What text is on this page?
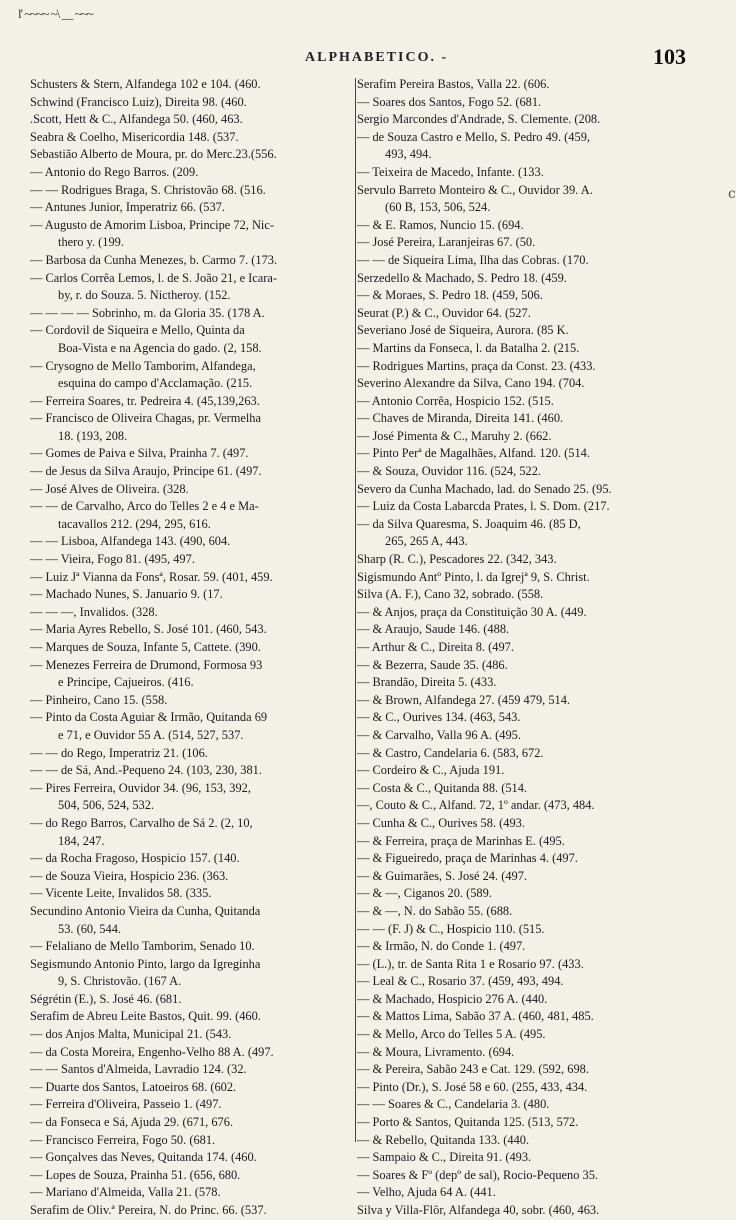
l' ~~~~ ~\ __ ~~~
ALPHABETICO. -	103
c
Schusters & Stern, Alfandega 102 e 104. (460.
Schwind (Francisco Luiz), Direita 98. (460.
.Scott, Hett & C., Alfandega 50. (460, 463.
Seabra & Coelho, Misericordia 148. (537.
Sebastião Alberto de Moura, pr. do Merc.23.(556.
— Antonio do Rego Barros. (209.
— — Rodrigues Braga, S. Christovão 68. (516.
— Antunes Junior, Imperatriz 66. (537.
— Augusto de Amorim Lisboa, Principe 72, Nic-
thero y. (199.
— Barbosa da Cunha Menezes, b. Carmo 7. (173.
— Carlos Corrêa Lemos, l. de S. João 21, e Icara-
by, r. do Souza. 5. Nictheroy. (152.
— — — — Sobrinho, m. da Gloria 35. (178 A.
— Cordovil de Siqueira e Mello, Quinta da
Boa-Vista e na Agencia do gado. (2, 158.
— Crysogno de Mello Tamborim, Alfandega,
esquina do campo d'Acclamação. (215.
— Ferreira Soares, tr. Pedreira 4. (45,139,263.
— Francisco de Oliveira Chagas, pr. Vermelha
18. (193, 208.
— Gomes de Paiva e Silva, Prainha 7. (497.
— de Jesus da Silva Araujo, Principe 61. (497.
— José Alves de Oliveira. (328.
— — de Carvalho, Arco do Telles 2 e 4 e Ma-
tacavallos 212. (294, 295, 616.
— — Lisboa, Alfandega 143. (490, 604.
— — Vieira, Fogo 81. (495, 497.
— Luiz Jª Vianna da Fonsª, Rosar. 59. (401, 459.
— Machado Nunes, S. Januario 9. (17.
— — —, Invalidos. (328.
— Maria Ayres Rebello, S. José 101. (460, 543.
— Marques de Souza, Infante 5, Cattete. (390.
— Menezes Ferreira de Drumond, Formosa 93
e Principe, Cajueiros. (416.
— Pinheiro, Cano 15. (558.
— Pinto da Costa Aguiar & Irmão, Quitanda 69
e 71, e Ouvidor 55 A. (514, 527, 537.
— — do Rego, Imperatriz 21. (106.
— — de Sá, And.-Pequeno 24. (103, 230, 381.
— Pires Ferreira, Ouvidor 34. (96, 153, 392,
504, 506, 524, 532.
— do Rego Barros, Carvalho de Sá 2. (2, 10,
184, 247.
— da Rocha Fragoso, Hospicio 157. (140.
— de Souza Vieira, Hospicio 236. (363.
— Vicente Leite, Invalidos 58. (335.
Secundino Antonio Vieira da Cunha, Quitanda
53. (60, 544.
— Felaliano de Mello Tamborim, Senado 10.
Segismundo Antonio Pinto, largo da Igreginha
9, S. Christovão. (167 A.
Ségrétin (E.), S. José 46. (681.
Serafim de Abreu Leite Bastos, Quit. 99. (460.
— dos Anjos Malta, Municipal 21. (543.
— da Costa Moreira, Engenho-Velho 88 A. (497.
— — Santos d'Almeida, Lavradio 124. (32.
— Duarte dos Santos, Latoeiros 68. (602.
— Ferreira d'Oliveira, Passeio 1. (497.
— da Fonseca e Sá, Ajuda 29. (671, 676.
— Francisco Ferreira, Fogo 50. (681.
— Gonçalves das Neves, Quitanda 174. (460.
— Lopes de Souza, Prainha 51. (656, 680.
— Mariano d'Almeida, Valla 21. (578.
Serafim de Oliv.ª Pereira, N. do Princ. 66. (537.
Serafim Pereira Bastos, Valla 22. (606.
— Soares dos Santos, Fogo 52. (681.
Sergio Marcondes d'Andrade, S. Clemente. (208.
— de Souza Castro e Mello, S. Pedro 49. (459,
493, 494.
— Teixeira de Macedo, Infante. (133.
Servulo Barreto Monteiro & C., Ouvidor 39. A.
(60 B, 153, 506, 524.
— & E. Ramos, Nuncio 15. (694.
— José Pereira, Laranjeiras 67. (50.
— — de Siqueira Lima, Ilha das Cobras. (170.
Serzedello & Machado, S. Pedro 18. (459.
— & Moraes, S. Pedro 18. (459, 506.
Seurat (P.) & C., Ouvidor 64. (527.
Severiano José de Siqueira, Aurora. (85 K.
— Martins da Fonseca, l. da Batalha 2. (215.
— Rodrigues Martins, praça da Const. 23. (433.
Severino Alexandre da Silva, Cano 194. (704.
— Antonio Corrêa, Hospicio 152. (515.
— Chaves de Miranda, Direita 141. (460.
— José Pimenta & C., Maruhy 2. (662.
— Pinto Perª de Magalhães, Alfand. 120. (514.
— & Souza, Ouvidor 116. (524, 522.
Severo da Cunha Machado, lad. do Senado 25. (95.
— Luiz da Costa Labarcda Prates, l. S. Dom. (217.
— da Silva Quaresma, S. Joaquim 46. (85 D,
265, 265 A, 443.
Sharp (R. C.), Pescadores 22. (342, 343.
Sigismundo Antº Pinto, l. da Igrejª 9, S. Christ.
Silva (A. F.), Cano 32, sobrado. (558.
— & Anjos, praça da Constituição 30 A. (449.
— & Araujo, Saude 146. (488.
— Arthur & C., Direita 8. (497.
— & Bezerra, Saude 35. (486.
— Brandão, Direita 5. (433.
— & Brown, Alfandega 27. (459 479, 514.
— & C., Ourives 134. (463, 543.
— & Carvalho, Valla 96 A. (495.
— & Castro, Candelaria 6. (583, 672.
— Cordeiro & C., Ajuda 191.
— Costa & C., Quitanda 88. (514.
—, Couto & C., Alfand. 72, 1º andar. (473, 484.
— Cunha & C., Ourives 58. (493.
— & Ferreira, praça de Marinhas E. (495.
— & Figueiredo, praça de Marinhas 4. (497.
— & Guimarães, S. José 24. (497.
— & —, Ciganos 20. (589.
— & —, N. do Sabão 55. (688.
— — (F. J) & C., Hospicio 110. (515.
— & Irmão, N. do Conde 1. (497.
— (L.), tr. de Santa Rita 1 e Rosario 97. (433.
— Leal & C., Rosario 37. (459, 493, 494.
— & Machado, Hospicio 276 A. (440.
— & Mattos Lima, Sabão 37 A. (460, 481, 485.
— & Mello, Arco do Telles 5 A. (495.
— & Moura, Livramento. (694.
— & Pereira, Sabão 243 e Cat. 129. (592, 698.
— Pinto (Dr.), S. José 58 e 60. (255, 433, 434.
— — Soares & C., Candelaria 3. (480.
— Porto & Santos, Quitanda 125. (513, 572.
— & Rebello, Quitanda 133. (440.
— Sampaio & C., Direita 91. (493.
— Soares & Fº (depº de sal), Rocio-Pequeno 35.
— Velho, Ajuda 64 A. (441.
Silva y Villa-Flôr, Alfandega 40, sobr. (460, 463.
